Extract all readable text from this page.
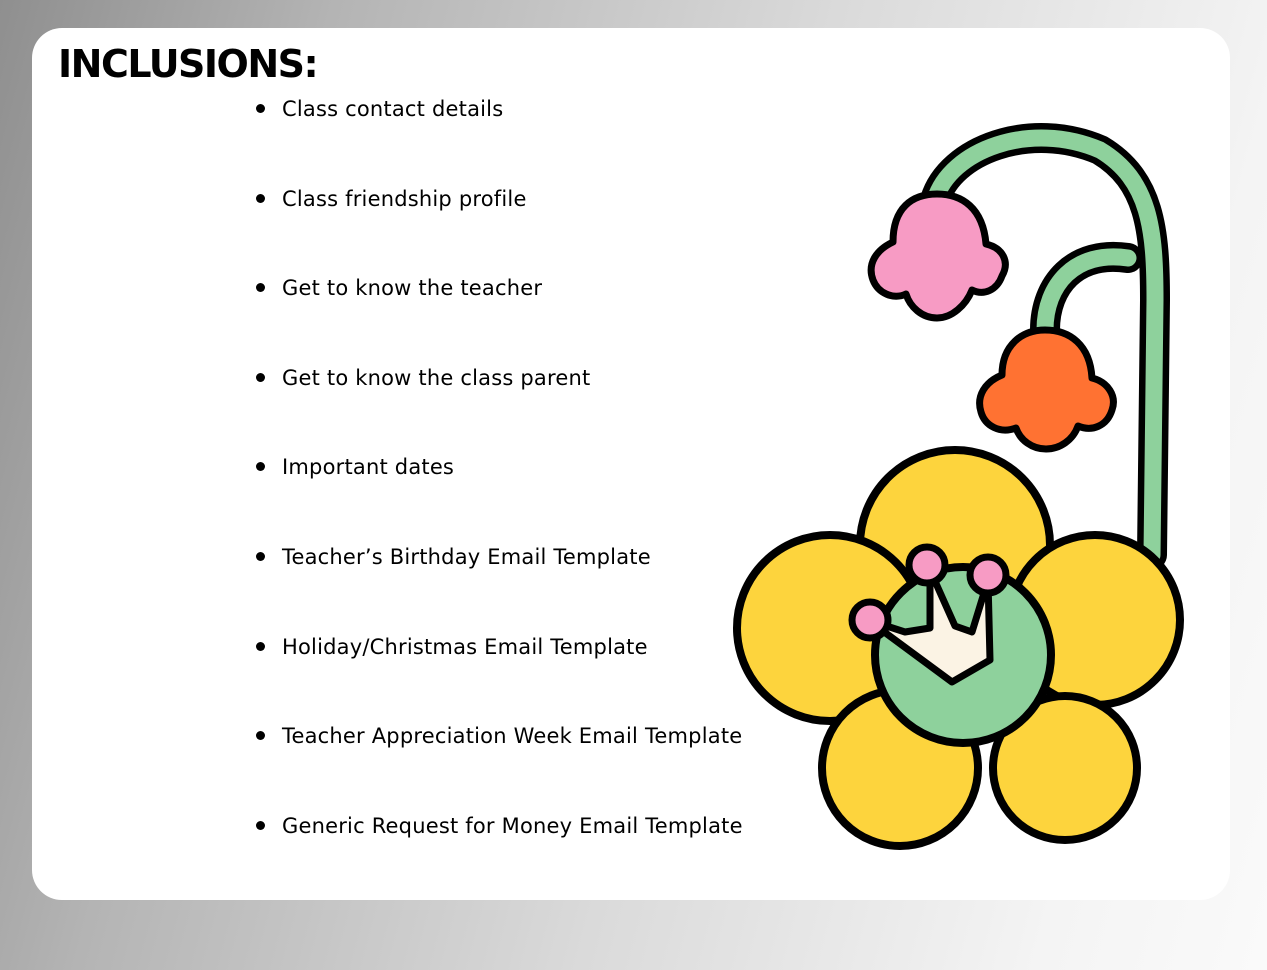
INCLUSIONS:
Class contact details
Class friendship profile
Get to know the teacher
Get to know the class parent
Important dates
Teacher’s Birthday Email Template
Holiday/Christmas Email Template
Teacher Appreciation Week Email Template
Generic Request for Money Email Template
